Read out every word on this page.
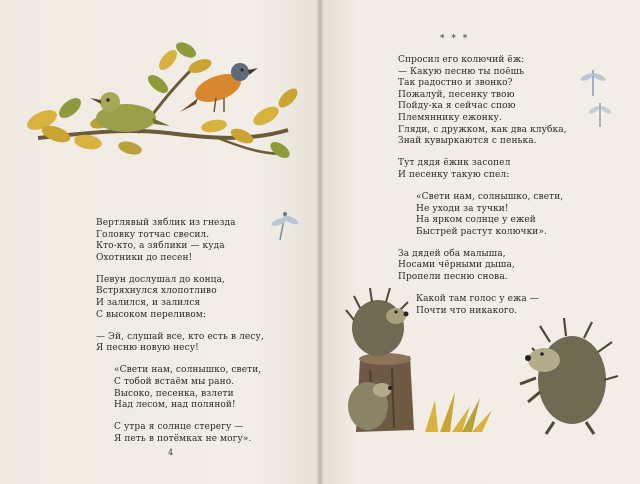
Вертлявый зяблик из гнезда
Головку тотчас свесил.
Кто-кто, а зяблики — куда
Охотники до песен!
Певун дослушал до конца,
Встряхнулся хлопотливо
И залился, и залился
С высоком переливом:
— Эй, слушай все, кто есть в лесу,
Я песню новую несу!
«Свети нам, солнышко, свети,
С тобой встаём мы рано.
Высоко, песенка, взлети
Над лесом, над поляной!
С утра я солнце стерегу —
Я петь в потёмках не могу».
4
* * *
Спросил его колючий ёж:
— Какую песню ты поёшь
Так радостно и звонко?
Пожалуй, песенку твою
Пойду-ка я сейчас спою
Племяннику ежонку.
Гляди, с дружком, как два клубка,
Знай кувыркаются с пенька.
Тут дядя ёжик засопел
И песенку такую спел:
«Свети нам, солнышко, свети,
Не уходи за тучки!
На ярком солнце у ежей
Быстрей растут колючки».
За дядей оба малыша,
Носами чёрными дыша,
Пропели песню снова.
Какой там голос у ежа —
Почти что никакого.
